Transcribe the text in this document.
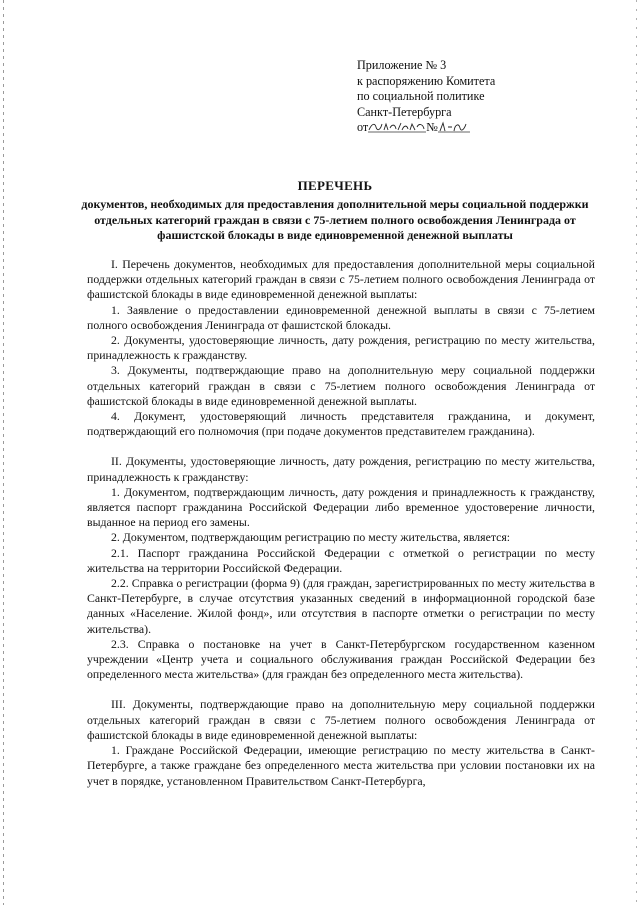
Приложение № 3
к распоряжению Комитета
по социальной политике
Санкт-Петербурга
от	№
ПЕРЕЧЕНЬ

документов, необходимых для предоставления дополнительной меры социальной поддержки отдельных категорий граждан в связи с 75-летием полного освобождения Ленинграда от фашистской блокады в виде единовременной денежной выплаты

I. Перечень документов, необходимых для предоставления дополнительной меры социальной поддержки отдельных категорий граждан в связи с 75-летием полного освобождения Ленинграда от фашистской блокады в виде единовременной денежной выплаты:

1. Заявление о предоставлении единовременной денежной выплаты в связи с 75-летием полного освобождения Ленинграда от фашистской блокады.

2. Документы, удостоверяющие личность, дату рождения, регистрацию по месту жительства, принадлежность к гражданству.

3. Документы, подтверждающие право на дополнительную меру социальной поддержки отдельных категорий граждан в связи с 75-летием полного освобождения Ленинграда от фашистской блокады в виде единовременной денежной выплаты.

4. Документ, удостоверяющий личность представителя гражданина, и документ, подтверждающий его полномочия (при подаче документов представителем гражданина).

II. Документы, удостоверяющие личность, дату рождения, регистрацию по месту жительства, принадлежность к гражданству:

1. Документом, подтверждающим личность, дату рождения и принадлежность к гражданству, является паспорт гражданина Российской Федерации либо временное удостоверение личности, выданное на период его замены.

2. Документом, подтверждающим регистрацию по месту жительства, является:

2.1. Паспорт гражданина Российской Федерации с отметкой о регистрации по месту жительства на территории Российской Федерации.

2.2. Справка о регистрации (форма 9) (для граждан, зарегистрированных по месту жительства в Санкт-Петербурге, в случае отсутствия указанных сведений в информационной городской базе данных «Население. Жилой фонд», или отсутствия в паспорте отметки о регистрации по месту жительства).

2.3. Справка о постановке на учет в Санкт-Петербургском государственном казенном учреждении «Центр учета и социального обслуживания граждан Российской Федерации без определенного места жительства» (для граждан без определенного места жительства).

III. Документы, подтверждающие право на дополнительную меру социальной поддержки отдельных категорий граждан в связи с 75-летием полного освобождения Ленинграда от фашистской блокады в виде единовременной денежной выплаты:

1. Граждане Российской Федерации, имеющие регистрацию по месту жительства в Санкт-Петербурге, а также граждане без определенного места жительства при условии постановки их на учет в порядке, установленном Правительством Санкт-Петербурга,
